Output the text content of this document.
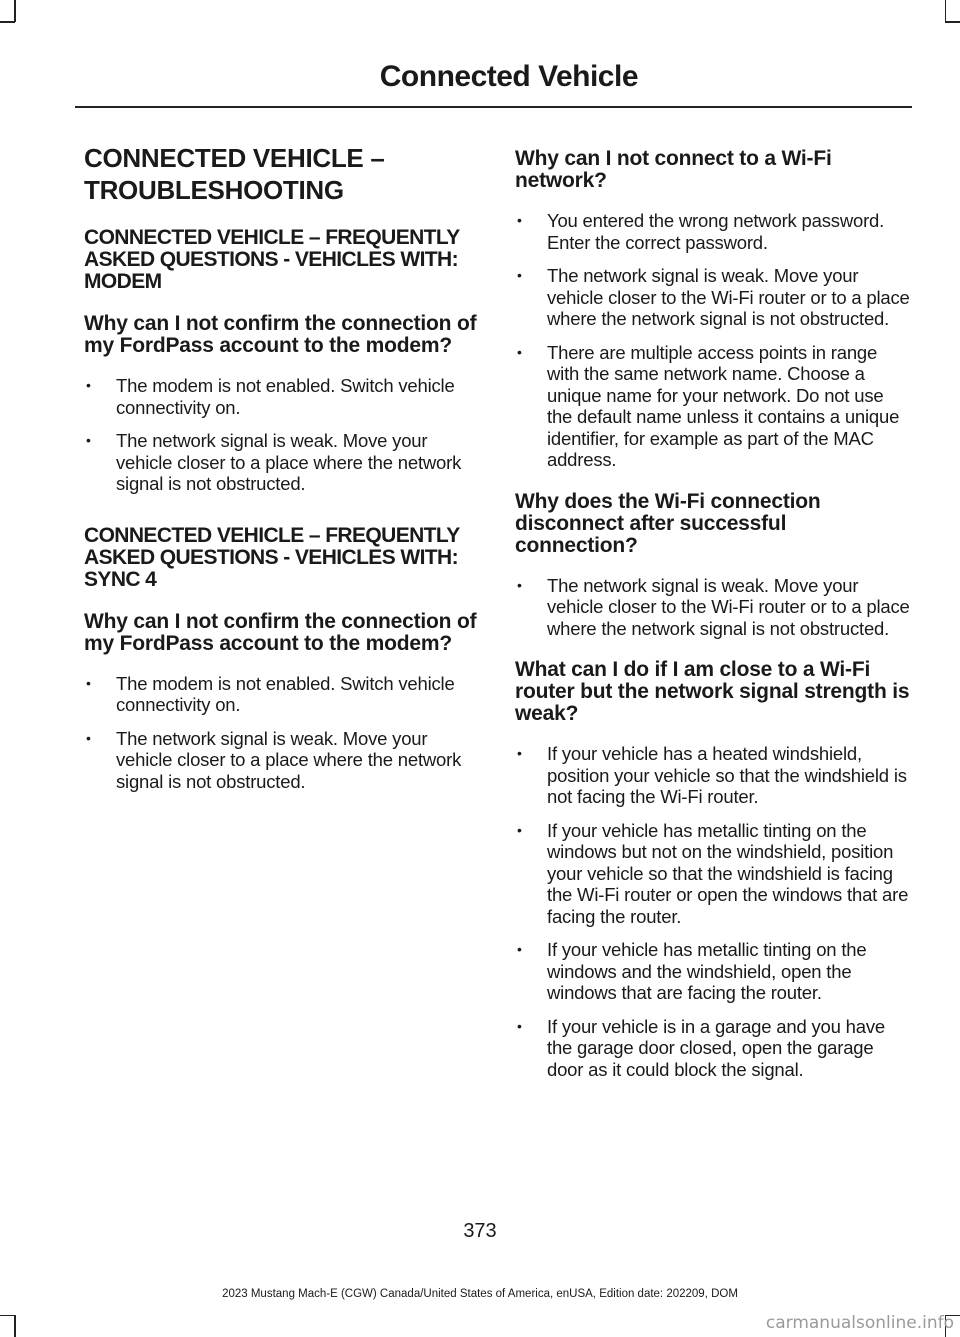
Connected Vehicle
CONNECTED VEHICLE –
TROUBLESHOOTING
CONNECTED VEHICLE – FREQUENTLY ASKED QUESTIONS - VEHICLES WITH: MODEM
Why can I not confirm the connection of my FordPass account to the modem?
• The modem is not enabled. Switch vehicle connectivity on.
• The network signal is weak. Move your vehicle closer to a place where the network signal is not obstructed.
CONNECTED VEHICLE – FREQUENTLY ASKED QUESTIONS - VEHICLES WITH: SYNC 4
Why can I not confirm the connection of my FordPass account to the modem?
• The modem is not enabled. Switch vehicle connectivity on.
• The network signal is weak. Move your vehicle closer to a place where the network signal is not obstructed.
Why can I not connect to a Wi-Fi network?
• You entered the wrong network password. Enter the correct password.
• The network signal is weak. Move your vehicle closer to the Wi-Fi router or to a place where the network signal is not obstructed.
• There are multiple access points in range with the same network name. Choose a unique name for your network. Do not use the default name unless it contains a unique identifier, for example as part of the MAC address.
Why does the Wi-Fi connection disconnect after successful connection?
• The network signal is weak. Move your vehicle closer to the Wi-Fi router or to a place where the network signal is not obstructed.
What can I do if I am close to a Wi-Fi router but the network signal strength is weak?
• If your vehicle has a heated windshield, position your vehicle so that the windshield is not facing the Wi-Fi router.
• If your vehicle has metallic tinting on the windows but not on the windshield, position your vehicle so that the windshield is facing the Wi-Fi router or open the windows that are facing the router.
• If your vehicle has metallic tinting on the windows and the windshield, open the windows that are facing the router.
• If your vehicle is in a garage and you have the garage door closed, open the garage door as it could block the signal.
373
2023 Mustang Mach-E (CGW) Canada/United States of America, enUSA, Edition date: 202209, DOM
carmanualsonline.info
